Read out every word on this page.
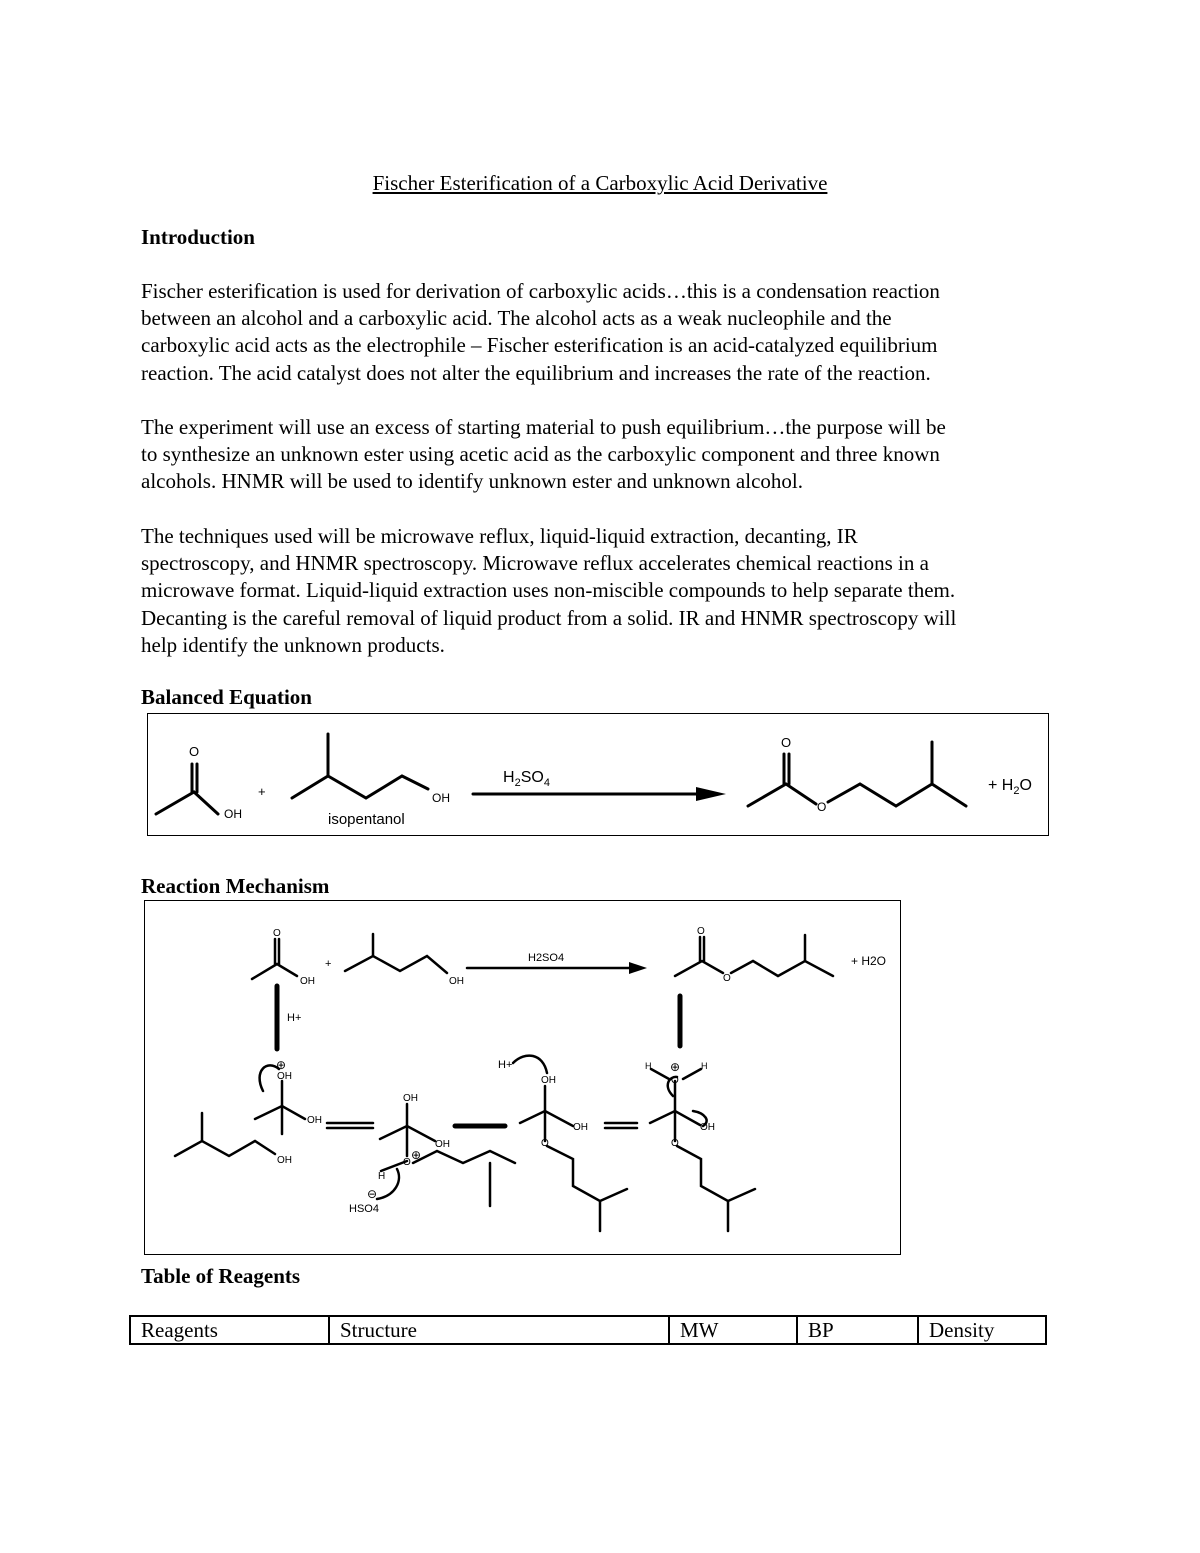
Fischer Esterification of a Carboxylic Acid Derivative
Introduction
Fischer esterification is used for derivation of carboxylic acids…this is a condensation reaction
between an alcohol and a carboxylic acid. The alcohol acts as a weak nucleophile and the
carboxylic acid acts as the electrophile – Fischer esterification is an acid-catalyzed equilibrium
reaction. The acid catalyst does not alter the equilibrium and increases the rate of the reaction.
The experiment will use an excess of starting material to push equilibrium…the purpose will be
to synthesize an unknown ester using acetic acid as the carboxylic component and three known
alcohols. HNMR will be used to identify unknown ester and unknown alcohol.
The techniques used will be microwave reflux, liquid-liquid extraction, decanting, IR
spectroscopy, and HNMR spectroscopy. Microwave reflux accelerates chemical reactions in a
microwave format. Liquid-liquid extraction uses non-miscible compounds to help separate them.
Decanting is the careful removal of liquid product from a solid. IR and HNMR spectroscopy will
help identify the unknown products.
Balanced Equation
O
OH
+	OH
isopentanol
$H_2SO_4$
O
O
+ $H_2O$
Reaction Mechanism
O
OH
+
OH
H2SO4
O
O
+ H2O
H+
⊕
OH
OH
OH
OH
OH
O
⊕
H
HSO4
⊖
H+
OH
OH
O
H	H
⊕
O
OH
O
Table of Reagents
Reagents	Structure	MW	BP	Density
